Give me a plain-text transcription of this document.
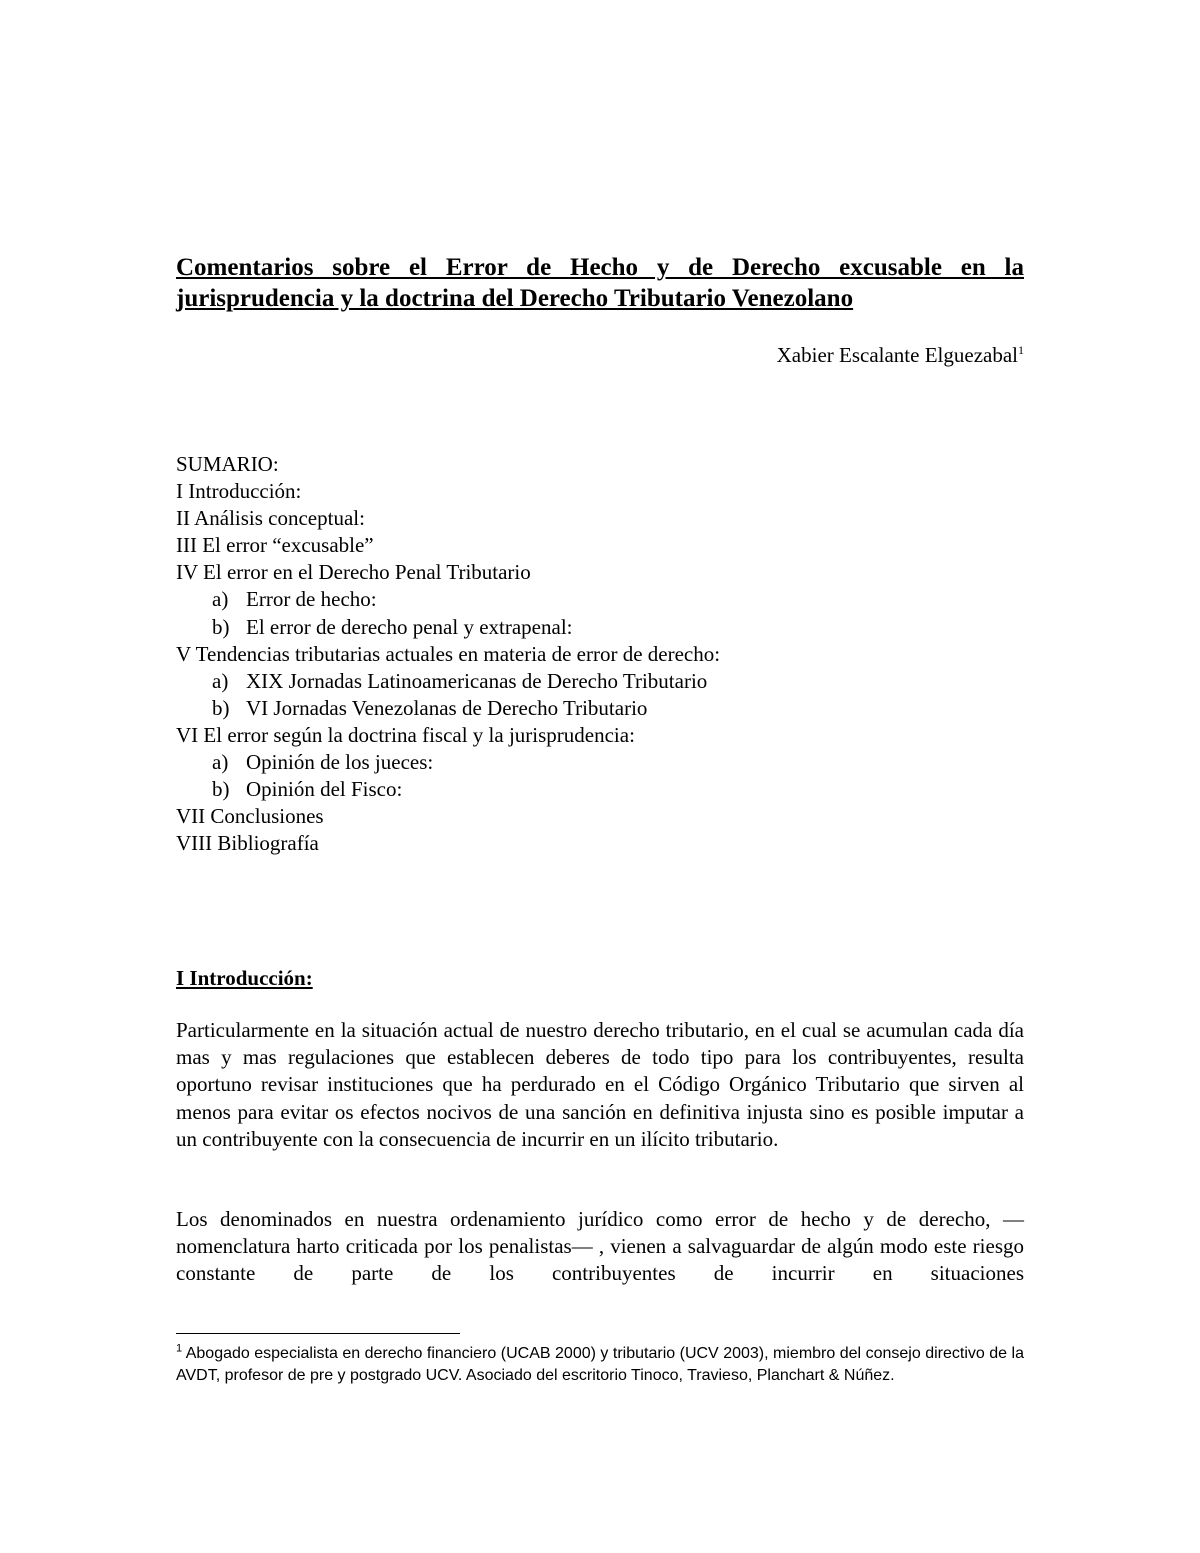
Comentarios sobre el Error de Hecho y de Derecho excusable en la jurisprudencia y la doctrina del Derecho Tributario Venezolano
Xabier Escalante Elguezabal$^1$
SUMARIO:
I Introducción:
II Análisis conceptual:
III El error “excusable”
IV El error en el Derecho Penal Tributario
a) Error de hecho:
b) El error de derecho penal y extrapenal:
V Tendencias tributarias actuales en materia de error de derecho:
a) XIX Jornadas Latinoamericanas de Derecho Tributario
b) VI Jornadas Venezolanas de Derecho Tributario
VI El error según la doctrina fiscal y la jurisprudencia:
a) Opinión de los jueces:
b) Opinión del Fisco:
VII Conclusiones
VIII Bibliografía
I Introducción:

Particularmente en la situación actual de nuestro derecho tributario, en el cual se acumulan cada día mas y mas regulaciones que establecen deberes de todo tipo para los contribuyentes, resulta oportuno revisar instituciones que ha perdurado en el Código Orgánico Tributario que sirven al menos para evitar os efectos nocivos de una sanción en definitiva injusta sino es posible imputar a un contribuyente con la consecuencia de incurrir en un ilícito tributario.

Los denominados en nuestra ordenamiento jurídico como error de hecho y de derecho, —nomenclatura harto criticada por los penalistas— , vienen a salvaguardar de algún modo este riesgo constante de parte de los contribuyentes de incurrir en situaciones

$^1$ Abogado especialista en derecho financiero (UCAB 2000) y tributario (UCV 2003), miembro del consejo directivo de la AVDT, profesor de pre y postgrado UCV. Asociado del escritorio Tinoco, Travieso, Planchart & Núñez.
